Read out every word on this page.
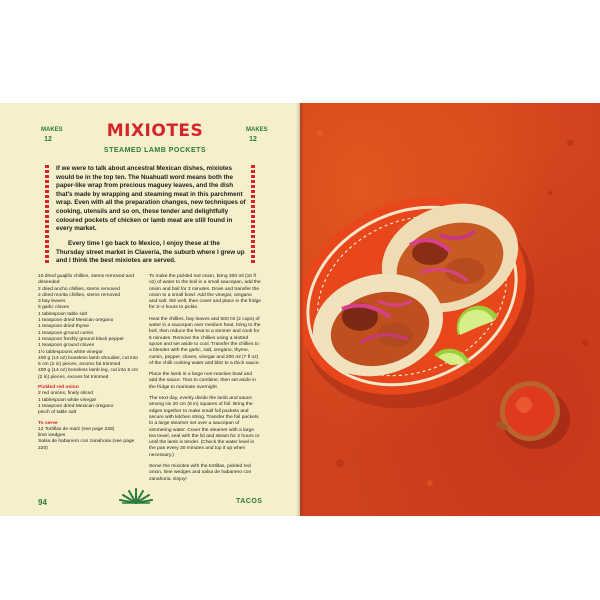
MAKES
12
MAKES
12
MIXIOTES
STEAMED LAMB POCKETS
If we were to talk about ancestral Mexican dishes, mixiotes would be in the top ten. The Nuahuatl word means both the paper-like wrap from precious maguey leaves, and the dish that's made by wrapping and steaming meat in this parchment wrap. Even with all the preparation changes, new techniques of cooking, utensils and so on, these tender and delightfully coloured pockets of chicken or lamb meat are still found in every market.
Every time I go back to Mexico, I enjoy these at the Thursday street market in Clavería, the suburb where I grew up and I think the best mixiotes are served.
10 dried guajillo chillies, stems removed and deseeded
2 dried ancho chillies, stems removed
2 dried morita chillies, stems removed
3 bay leaves
5 garlic cloves
1 tablespoon table salt
1 teaspoon dried Mexican oregano
1 teaspoon dried thyme
1 teaspoon ground cumin
1 teaspoon freshly ground black pepper
1 teaspoon ground cloves
1½ tablespoons white vinegar
400 g (14 oz) boneless lamb shoulder, cut into 5 cm (2 in) pieces, excess fat trimmed
400 g (14 oz) boneless lamb leg, cut into 5 cm (2 in) pieces, excess fat trimmed
Pickled red onion
2 red onions, finely sliced
1 tablespoon white vinegar
1 teaspoon dried Mexican oregano
pinch of table salt
To serve
12 Tortillas de maíz (see page 228)
lime wedges
Salsa de habanero con zanahoria (see page 220)

To make the pickled red onion, bring 300 ml (10 fl oz) of water to the boil in a small saucepan, add the onion and boil for 3 minutes. Drain and transfer the onion to a small bowl. Add the vinegar, oregano and salt. Stir well, then cover and place in the fridge for 3–4 hours to pickle.

Heat the chillies, bay leaves and 500 ml (2 cups) of water in a saucepan over medium heat, bring to the boil, then reduce the heat to a simmer and cook for 5 minutes. Remove the chillies using a slotted spoon and set aside to cool. Transfer the chillies to a blender with the garlic, salt, oregano, thyme, cumin, pepper, cloves, vinegar and 200 ml (7 fl oz) of the chilli cooking water and blitz to a thick sauce.

Place the lamb in a large non-reactive bowl and add the sauce. Toss to combine, then set aside in the fridge to marinate overnight.

The next day, evenly divide the lamb and sauce among six 20 cm (8 in) squares of foil. Bring the edges together to make small foil packets and secure with kitchen string. Transfer the foil packets to a large steamer set over a saucepan of simmering water. Cover the steamer with a large tea towel, seal with the lid and steam for 2 hours or until the lamb is tender. (Check the water level in the pan every 30 minutes and top it up when necessary.)

Serve the mixiotes with the tortillas, pickled red onion, lime wedges and salsa de habanero con zanahoria. Enjoy!

94	TACOS
